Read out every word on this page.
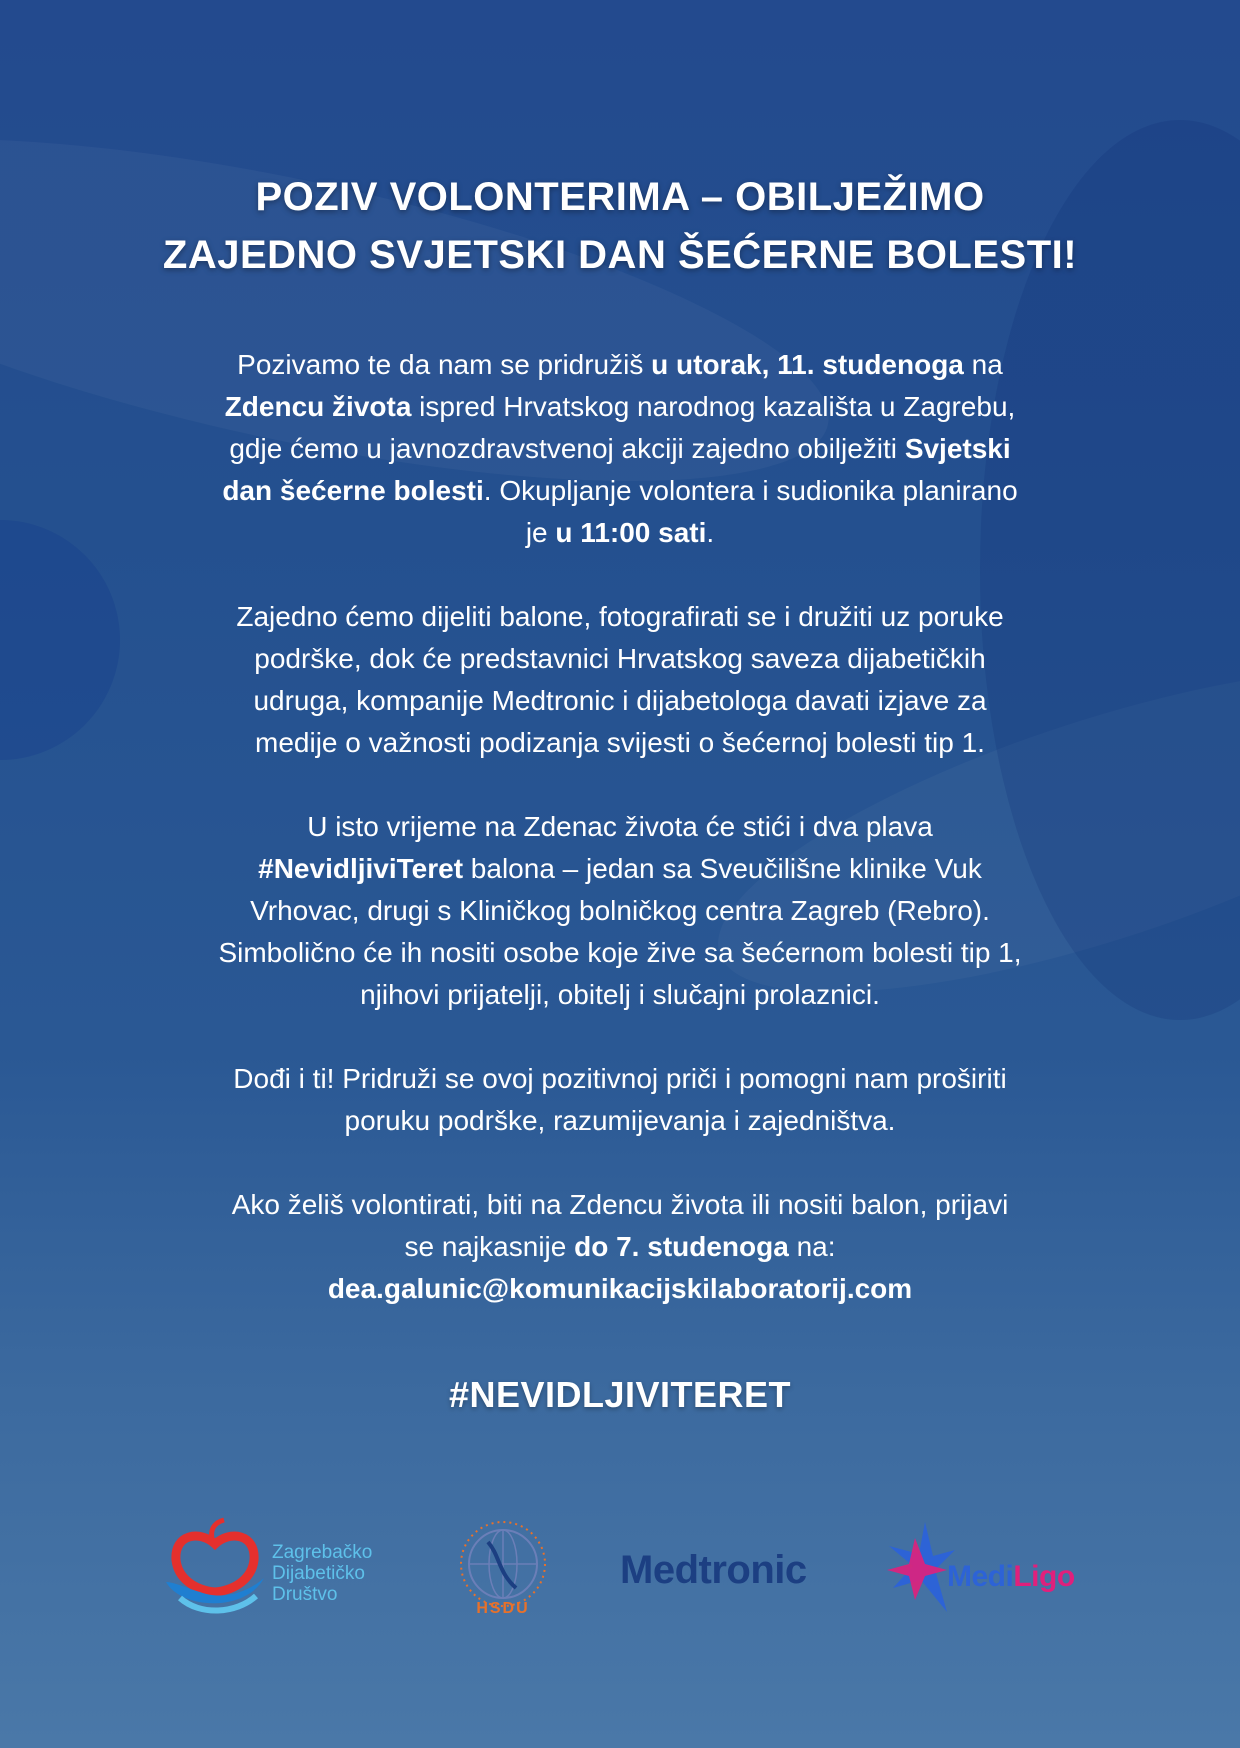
POZIV VOLONTERIMA – OBILJEŽIMO
ZAJEDNO SVJETSKI DAN ŠEĆERNE BOLESTI!

Pozivamo te da nam se pridružiš u utorak, 11. studenoga na
Zdencu života ispred Hrvatskog narodnog kazališta u Zagrebu,
gdje ćemo u javnozdravstvenoj akciji zajedno obilježiti Svjetski
dan šećerne bolesti. Okupljanje volontera i sudionika planirano
je u 11:00 sati.

Zajedno ćemo dijeliti balone, fotografirati se i družiti uz poruke
podrške, dok će predstavnici Hrvatskog saveza dijabetičkih
udruga, kompanije Medtronic i dijabetologa davati izjave za
medije o važnosti podizanja svijesti o šećernoj bolesti tip 1.

U isto vrijeme na Zdenac života će stići i dva plava
#NevidljiviTeret balona – jedan sa Sveučilišne klinike Vuk
Vrhovac, drugi s Kliničkog bolničkog centra Zagreb (Rebro).
Simbolično će ih nositi osobe koje žive sa šećernom bolesti tip 1,
njihovi prijatelji, obitelj i slučajni prolaznici.

Dođi i ti! Pridruži se ovoj pozitivnoj priči i pomogni nam proširiti
poruku podrške, razumijevanja i zajedništva.

Ako želiš volontirati, biti na Zdencu života ili nositi balon, prijavi
se najkasnije do 7. studenoga na:
dea.galunic@komunikacijskilaboratorij.com

#NEVIDLJIVITERET
Zagrebačko
Dijabetičko
Društvo
HSDU
Medtronic	MediLigo
